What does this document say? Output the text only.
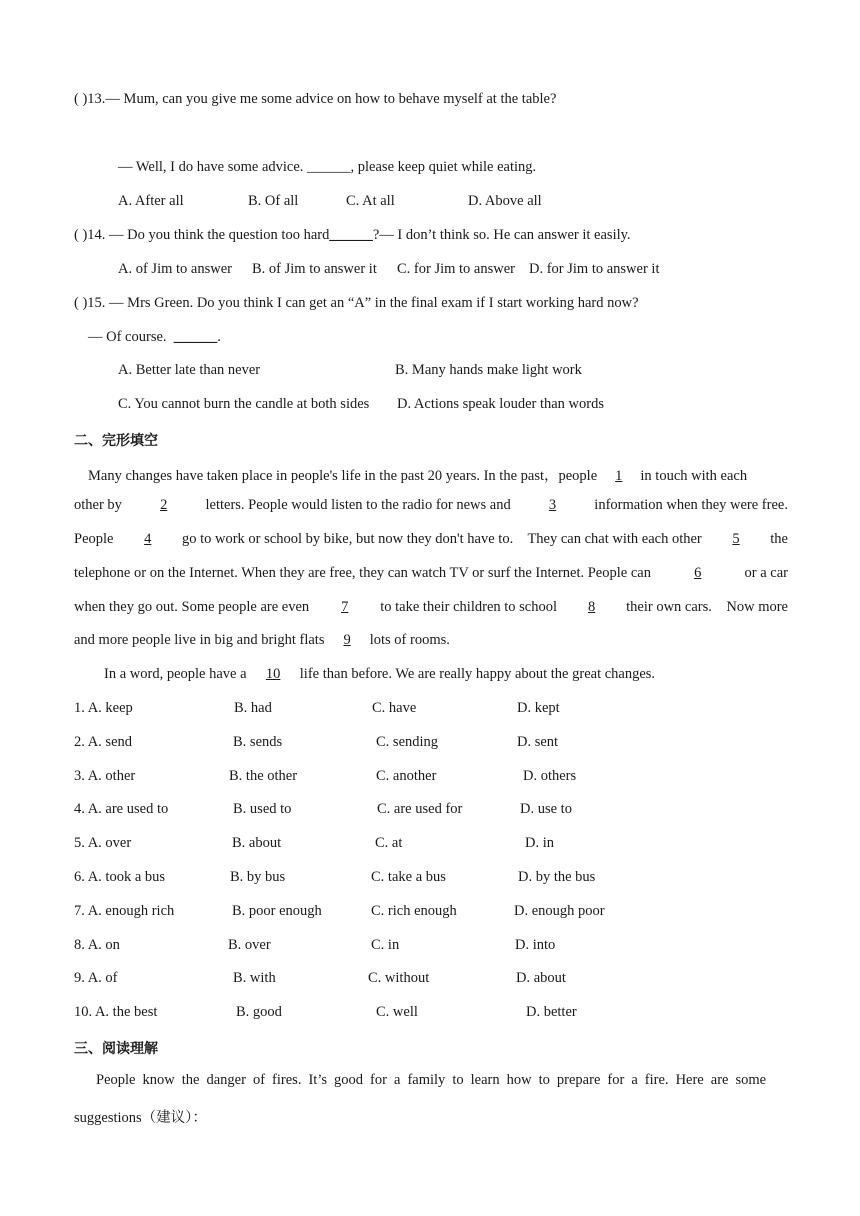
( )13.— Mum, can you give me some advice on how to behave myself at the table?
— Well, I do have some advice. ______, please keep quiet while eating.
A. After all	B. Of all	C. At all	D. Above all
( )14. — Do you think the question too hard______?— I don’t think so. He can answer it easily.
A. of Jim to answer B. of Jim to answer it C. for Jim to answer D. for Jim to answer it
( )15. — Mrs Green. Do you think I can get an “A” in the final exam if I start working hard now?
— Of course. ______.
A. Better late than never	B. Many hands make light work
C. You cannot burn the candle at both sides D. Actions speak louder than words
二、完形填空
Many changes have taken place in people's life in the past 20 years. In the past，people 1 in touch with each
other by	2	letters. People would listen to the radio for news and	3	information when they were free.
People	4	go to work or school by bike, but now they don't have to.    They can chat with each other	5	the
telephone or on the Internet. When they are free, they can watch TV or surf the Internet. People can	6	or a car
when they go out. Some people are even	7	to take their children to school	8	their own cars.    Now more
and more people live in big and bright flats 9 lots of rooms.
In a word, people have a 10 life than before. We are really happy about the great changes.
1. A. keep	B. had	C. have	D. kept
2. A. send	B. sends	C. sending	D. sent
3. A. other	B. the other	C. another	D. others
4. A. are used to	B. used to	C. are used for	D. use to
5. A. over	B. about	C. at	D. in
6. A. took a bus	B. by bus	C. take a bus	D. by the bus
7. A. enough rich	B. poor enough	C. rich enough	D. enough poor
8. A. on	B. over	C. in	D. into
9. A. of	B. with	C. without	D. about
10. A. the best	B. good	C. well	D. better
三、阅读理解
People know the danger of fires. It’s good for a family to learn how to prepare for a fire. Here are some
suggestions（建议）：
